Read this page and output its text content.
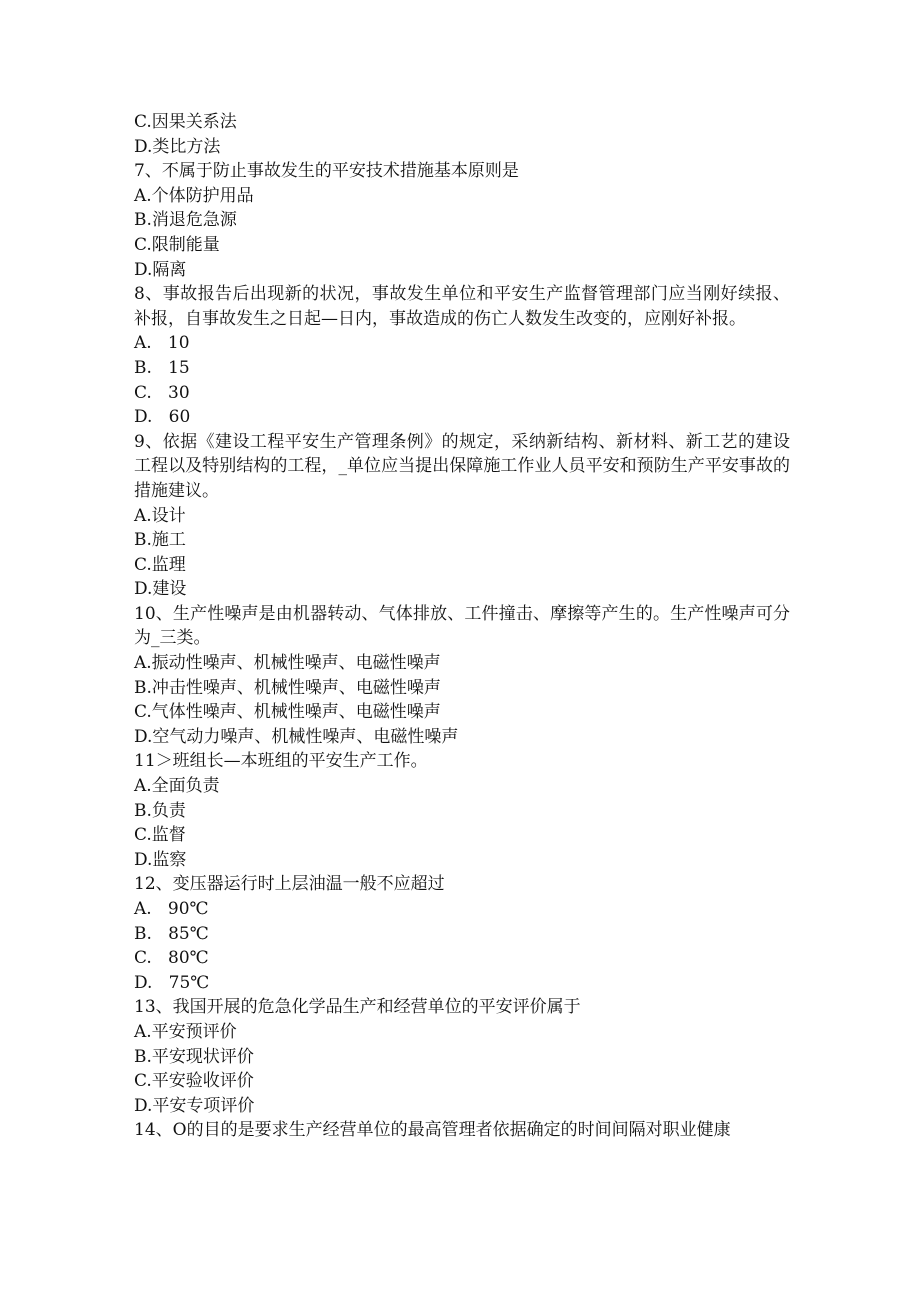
C.因果关系法
D.类比方法
7、不属于防止事故发生的平安技术措施基本原则是
A.个体防护用品
B.消退危急源
C.限制能量
D.隔离
8、事故报告后出现新的状况，事故发生单位和平安生产监督管理部门应当刚好续报、补报，自事故发生之日起—日内，事故造成的伤亡人数发生改变的，应刚好补报。
A.   10
B.   15
C.   30
D.   60
9、依据《建设工程平安生产管理条例》的规定，采纳新结构、新材料、新工艺的建设工程以及特别结构的工程，_单位应当提出保障施工作业人员平安和预防生产平安事故的措施建议。
A.设计
B.施工
C.监理
D.建设
10、生产性噪声是由机器转动、气体排放、工件撞击、摩擦等产生的。生产性噪声可分为_三类。
A.振动性噪声、机械性噪声、电磁性噪声
B.冲击性噪声、机械性噪声、电磁性噪声
C.气体性噪声、机械性噪声、电磁性噪声
D.空气动力噪声、机械性噪声、电磁性噪声
11＞班组长—本班组的平安生产工作。
A.全面负责
B.负责
C.监督
D.监察
12、变压器运行时上层油温一般不应超过
A.   90℃
B.   85℃
C.   80℃
D.   75℃
13、我国开展的危急化学品生产和经营单位的平安评价属于
A.平安预评价
B.平安现状评价
C.平安验收评价
D.平安专项评价
14、O的目的是要求生产经营单位的最高管理者依据确定的时间间隔对职业健康
